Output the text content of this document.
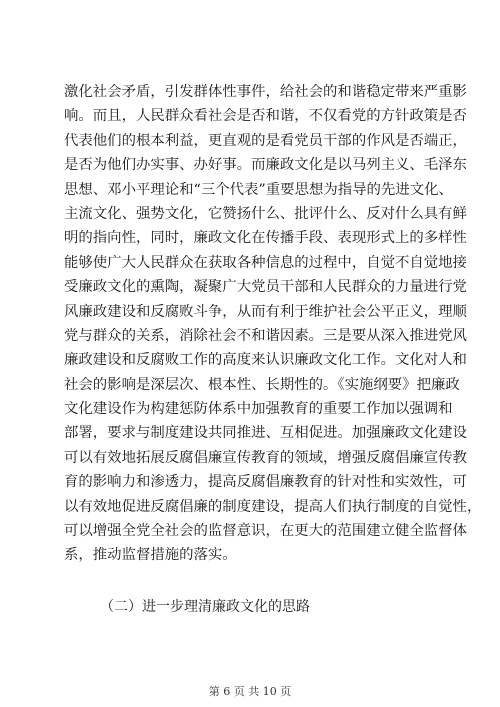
激化社会矛盾，引发群体性事件，给社会的和谐稳定带来严重影
响。而且，人民群众看社会是否和谐，不仅看党的方针政策是否
代表他们的根本利益，更直观的是看党员干部的作风是否端正，
是否为他们办实事、办好事。而廉政文化是以马列主义、毛泽东
思想、邓小平理论和“三个代表”重要思想为指导的先进文化、
主流文化、强势文化，它赞扬什么、批评什么、反对什么具有鲜
明的指向性，同时，廉政文化在传播手段、表现形式上的多样性
能够使广大人民群众在获取各种信息的过程中，自觉不自觉地接
受廉政文化的熏陶，凝聚广大党员干部和人民群众的力量进行党
风廉政建设和反腐败斗争，从而有利于维护社会公平正义，理顺
党与群众的关系，消除社会不和谐因素。三是要从深入推进党风
廉政建设和反腐败工作的高度来认识廉政文化工作。文化对人和
社会的影响是深层次、根本性、长期性的。《实施纲要》把廉政
文化建设作为构建惩防体系中加强教育的重要工作加以强调和
部署，要求与制度建设共同推进、互相促进。加强廉政文化建设
可以有效地拓展反腐倡廉宣传教育的领域，增强反腐倡廉宣传教
育的影响力和渗透力，提高反腐倡廉教育的针对性和实效性，可
以有效地促进反腐倡廉的制度建设，提高人们执行制度的自觉性，
可以增强全党全社会的监督意识，在更大的范围建立健全监督体
系，推动监督措施的落实。
（二）进一步理清廉政文化的思路
第 6 页 共 10 页
